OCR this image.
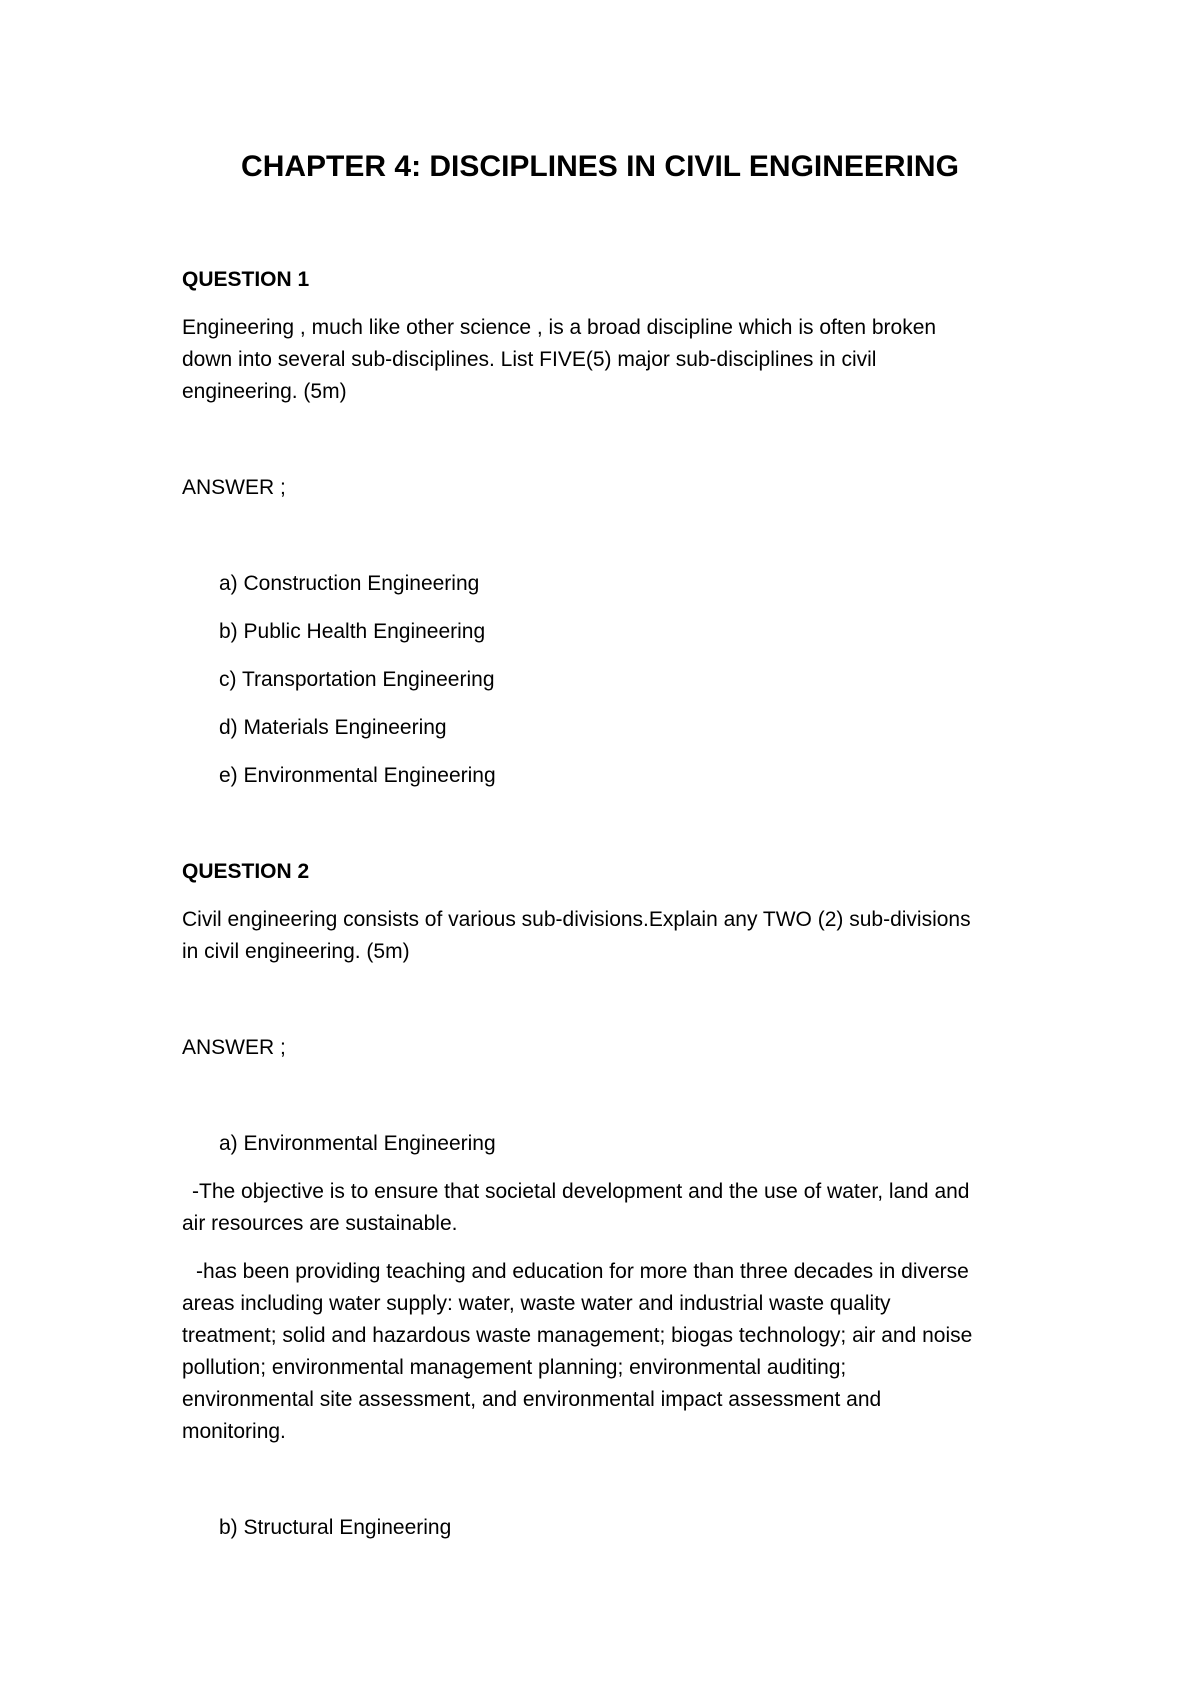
CHAPTER 4: DISCIPLINES IN CIVIL ENGINEERING

QUESTION 1

Engineering , much like other science , is a broad discipline which is often broken

down into several sub-disciplines. List FIVE(5) major sub-disciplines in civil

engineering. (5m)

ANSWER ;

a) Construction Engineering

b) Public Health Engineering

c) Transportation Engineering

d) Materials Engineering

e) Environmental Engineering

QUESTION 2

Civil engineering consists of various sub-divisions.Explain any TWO (2) sub-divisions

in civil engineering. (5m)

ANSWER ;

a) Environmental Engineering

-The objective is to ensure that societal development and the use of water, land and

air resources are sustainable.

-has been providing teaching and education for more than three decades in diverse

areas including water supply: water, waste water and industrial waste quality

treatment; solid and hazardous waste management; biogas technology; air and noise

pollution; environmental management planning; environmental auditing;

environmental site assessment, and environmental impact assessment and

monitoring.

b) Structural Engineering
